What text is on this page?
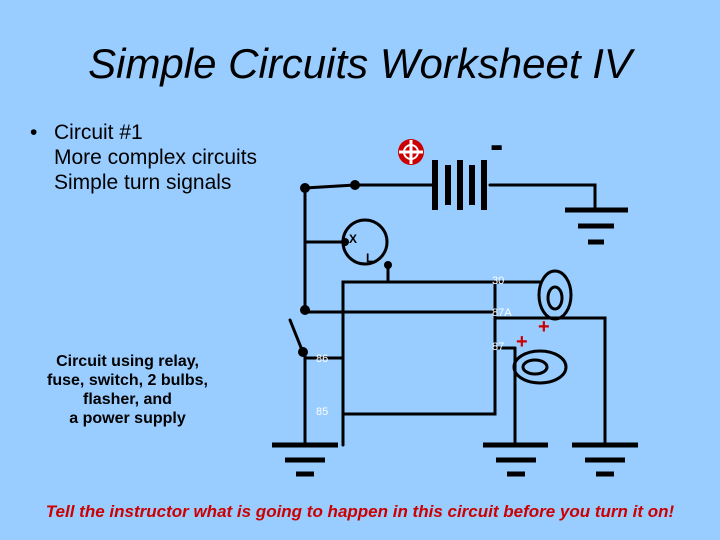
Simple Circuits Worksheet IV
• Circuit #1
More complex circuits
Simple turn signals
Circuit using relay,
fuse, switch, 2 bulbs,
flasher, and
a power supply
-
X
L
30
87A
87
86
85
+
+
Tell the instructor what is going to happen in this circuit before you turn it on!
